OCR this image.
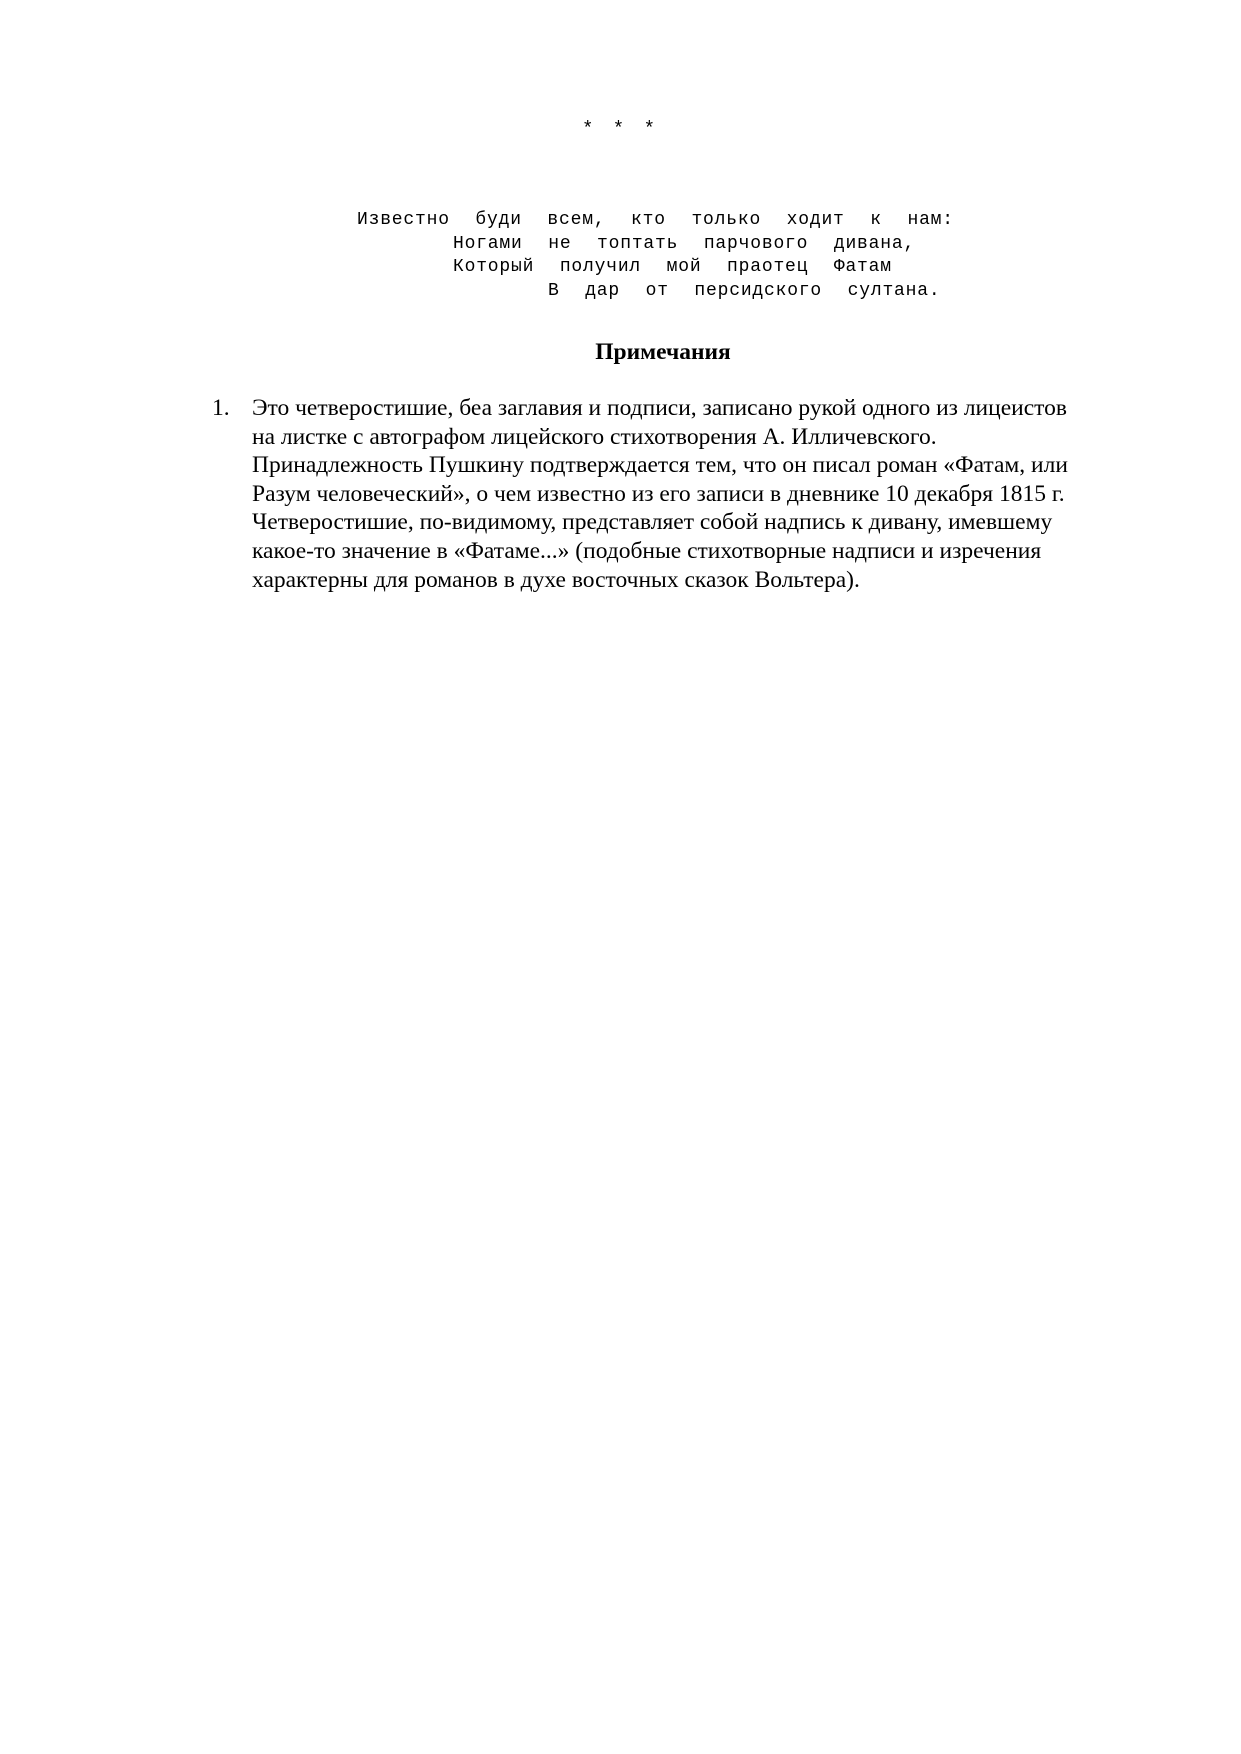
* * *
Известно буди всем, кто только ходит к нам:
Ногами не топтать парчового дивана,
Который получил мой праотец Фатам
В дар от персидского султана.
Примечания
1. Это четверостишие, беа заглавия и подписи, записано рукой одного из лицеистов
на листке с автографом лицейского стихотворения А. Илличевского.
Принадлежность Пушкину подтверждается тем, что он писал роман «Фатам, или
Разум человеческий», о чем известно из его записи в дневнике 10 декабря 1815 г.
Четверостишие, по-видимому, представляет собой надпись к дивану, имевшему
какое-то значение в «Фатаме...» (подобные стихотворные надписи и изречения
характерны для романов в духе восточных сказок Вольтера).
